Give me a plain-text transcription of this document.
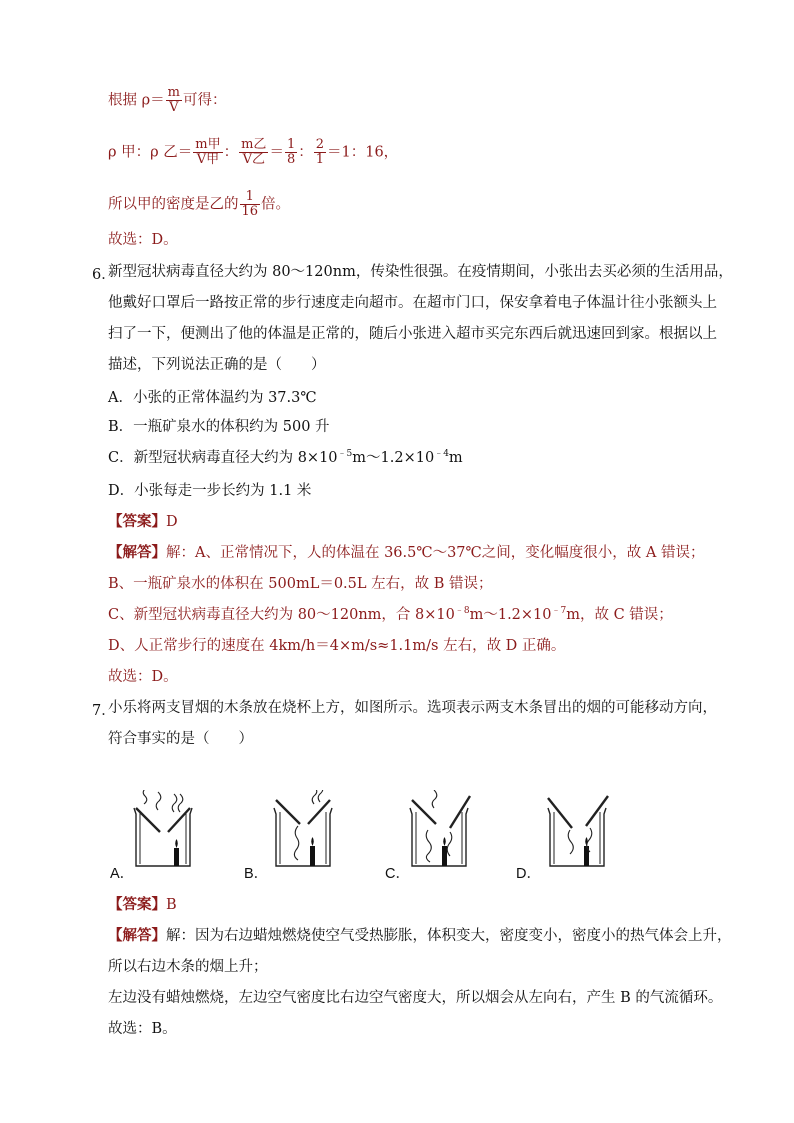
根据 $\rho= \frac{m}{V}$ 可得：
ρ 甲：ρ 乙＝ $\frac{\text{m甲}}{\text{V甲}}$ ： $\frac{\text{m乙}}{\text{V乙}} = \frac{1}{8}$ ： $\frac{2}{1} =1$：16，
所以甲的密度是乙的 $\frac{1}{16}$ 倍。
故选：D。
6．
新型冠状病毒直径大约为 80～120nm，传染性很强。在疫情期间，小张出去买必须的生活用品，
他戴好口罩后一路按正常的步行速度走向超市。在超市门口，保安拿着电子体温计往小张额头上
扫了一下，便测出了他的体温是正常的，随后小张进入超市买完东西后就迅速回到家。根据以上
描述，下列说法正确的是（　　）
A．小张的正常体温约为 37.3℃
B．一瓶矿泉水的体积约为 500 升
C．新型冠状病毒直径大约为 $8\times 10^{﹣5}m\sim 1.2\times 10^{﹣4}m$
D．小张每走一步长约为 1.1 米
【答案】D
【解答】解：A、正常情况下，人的体温在 36.5℃～37℃之间，变化幅度很小，故 A 错误；
B、一瓶矿泉水的体积在 500mL＝0.5L 左右，故 B 错误；
C、新型冠状病毒直径大约为 80～120nm，合 $8\times 10^{﹣8}m\sim 1.2\times 10^{﹣7}m$，故 C 错误；
D、人正常步行的速度在 4km/h＝4×m/s≈1.1m/s 左右，故 D 正确。
故选：D。
7．
小乐将两支冒烟的木条放在烧杯上方，如图所示。选项表示两支木条冒出的烟的可能移动方向，
符合事实的是（　　）
A．	B．	C．	D．
【答案】B
【解答】解：因为右边蜡烛燃烧使空气受热膨胀，体积变大，密度变小，密度小的热气体会上升，
所以右边木条的烟上升；
左边没有蜡烛燃烧，左边空气密度比右边空气密度大，所以烟会从左向右，产生 B 的气流循环。
故选：B。
